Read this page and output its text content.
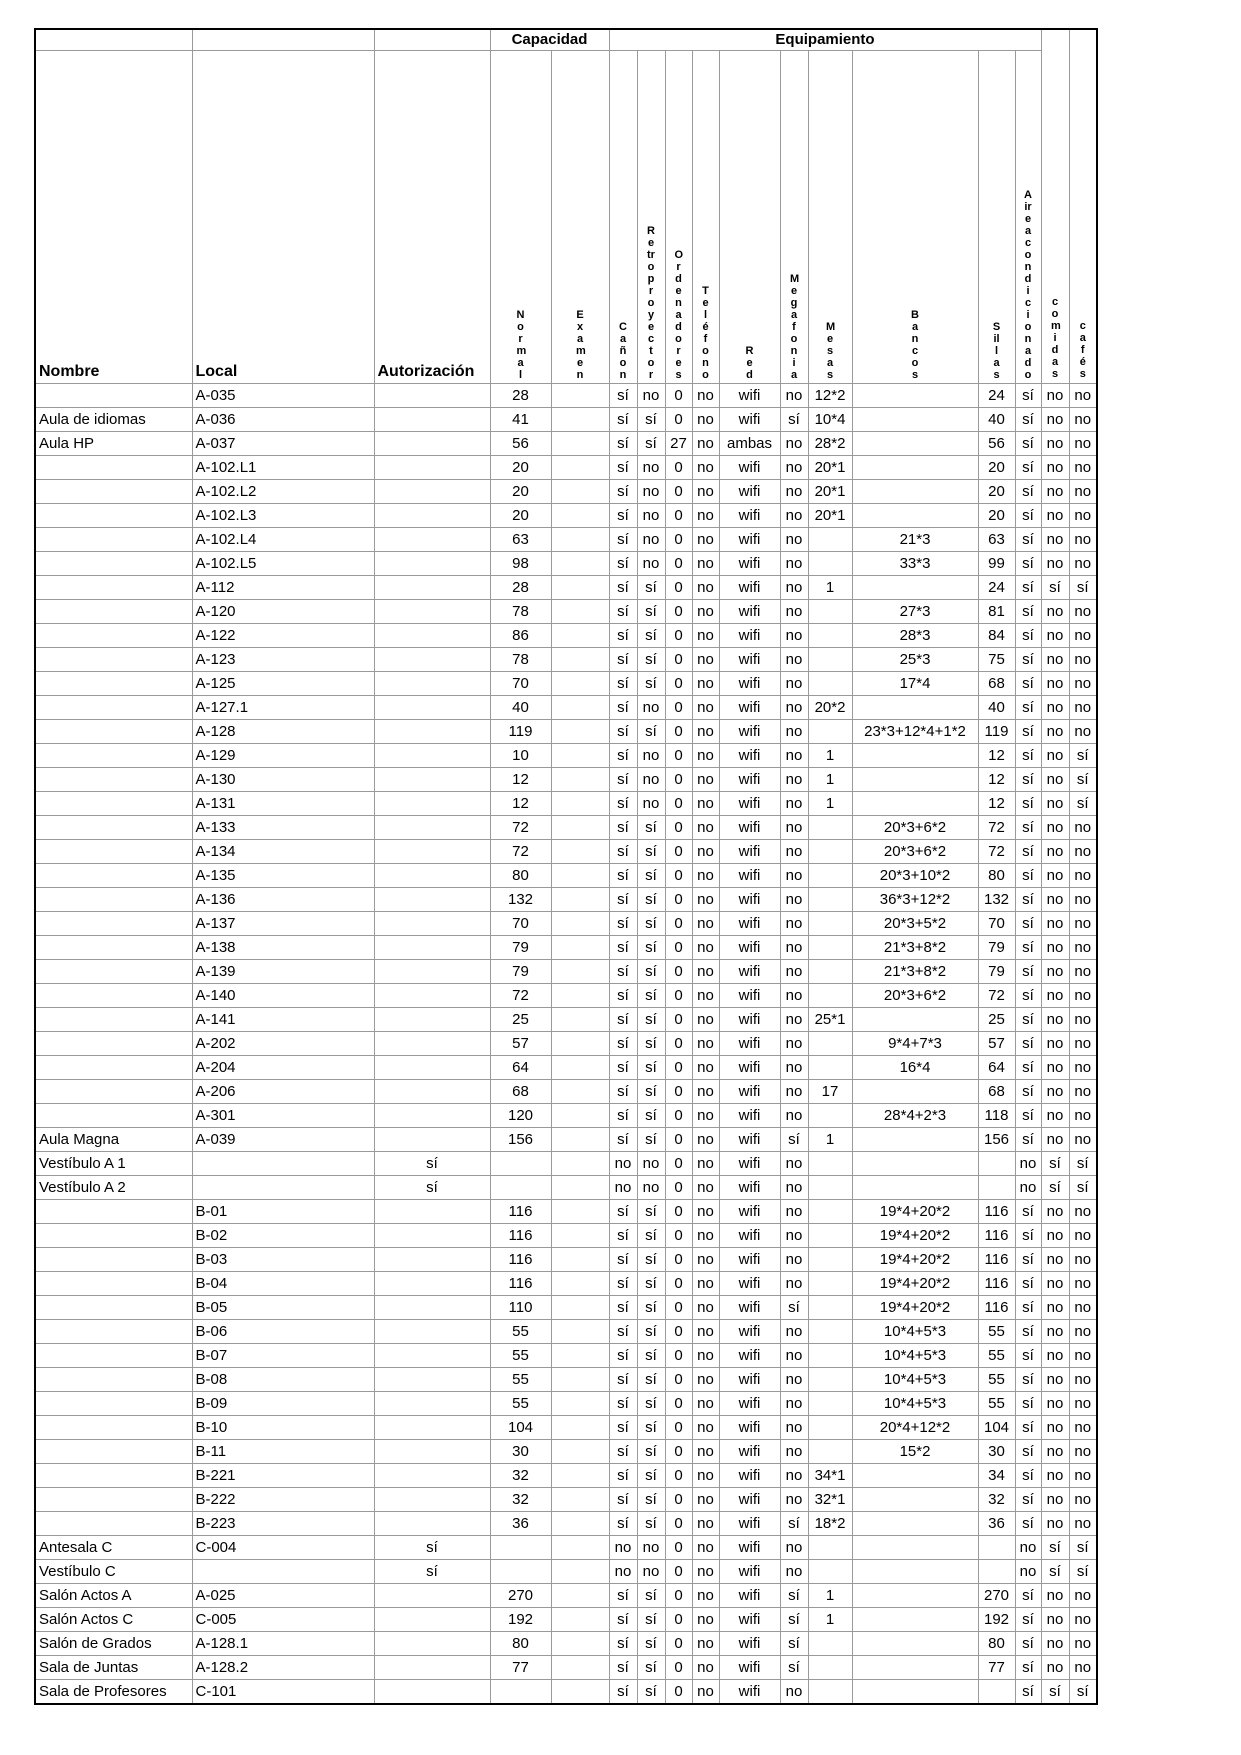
			Capacidad		Equipamiento										comidas	cafés
Nombre	Local	Autorización	Normal	Examen	Cañon	Retroproyector	Ordenadores	Teléfono	Red	Megafonia	Mesas	Bancos	Sillas	Aire acondicionado		
	A-035		28		sí	no	0	no	wifi	no	12*2		24	sí	no	no
Aula de idiomas	A-036		41		sí	sí	0	no	wifi	sí	10*4		40	sí	no	no
Aula HP	A-037		56		sí	sí	27	no	ambas	no	28*2		56	sí	no	no
	A-102.L1		20		sí	no	0	no	wifi	no	20*1		20	sí	no	no
	A-102.L2		20		sí	no	0	no	wifi	no	20*1		20	sí	no	no
	A-102.L3		20		sí	no	0	no	wifi	no	20*1		20	sí	no	no
	A-102.L4		63		sí	no	0	no	wifi	no		21*3	63	sí	no	no
	A-102.L5		98		sí	no	0	no	wifi	no		33*3	99	sí	no	no
	A-112		28		sí	sí	0	no	wifi	no	1		24	sí	sí	sí
	A-120		78		sí	sí	0	no	wifi	no		27*3	81	sí	no	no
	A-122		86		sí	sí	0	no	wifi	no		28*3	84	sí	no	no
	A-123		78		sí	sí	0	no	wifi	no		25*3	75	sí	no	no
	A-125		70		sí	sí	0	no	wifi	no		17*4	68	sí	no	no
	A-127.1		40		sí	no	0	no	wifi	no	20*2		40	sí	no	no
	A-128		119		sí	sí	0	no	wifi	no		23*3+12*4+1*2	119	sí	no	no
	A-129		10		sí	no	0	no	wifi	no	1		12	sí	no	sí
	A-130		12		sí	no	0	no	wifi	no	1		12	sí	no	sí
	A-131		12		sí	no	0	no	wifi	no	1		12	sí	no	sí
	A-133		72		sí	sí	0	no	wifi	no		20*3+6*2	72	sí	no	no
	A-134		72		sí	sí	0	no	wifi	no		20*3+6*2	72	sí	no	no
	A-135		80		sí	sí	0	no	wifi	no		20*3+10*2	80	sí	no	no
	A-136		132		sí	sí	0	no	wifi	no		36*3+12*2	132	sí	no	no
	A-137		70		sí	sí	0	no	wifi	no		20*3+5*2	70	sí	no	no
	A-138		79		sí	sí	0	no	wifi	no		21*3+8*2	79	sí	no	no
	A-139		79		sí	sí	0	no	wifi	no		21*3+8*2	79	sí	no	no
	A-140		72		sí	sí	0	no	wifi	no		20*3+6*2	72	sí	no	no
	A-141		25		sí	sí	0	no	wifi	no	25*1		25	sí	no	no
	A-202		57		sí	sí	0	no	wifi	no		9*4+7*3	57	sí	no	no
	A-204		64		sí	sí	0	no	wifi	no		16*4	64	sí	no	no
	A-206		68		sí	sí	0	no	wifi	no	17		68	sí	no	no
	A-301		120		sí	sí	0	no	wifi	no		28*4+2*3	118	sí	no	no
Aula Magna	A-039		156		sí	sí	0	no	wifi	sí	1		156	sí	no	no
Vestíbulo A 1		sí			no	no	0	no	wifi	no				no	sí	sí
Vestíbulo A 2		sí			no	no	0	no	wifi	no				no	sí	sí
	B-01		116		sí	sí	0	no	wifi	no		19*4+20*2	116	sí	no	no
	B-02		116		sí	sí	0	no	wifi	no		19*4+20*2	116	sí	no	no
	B-03		116		sí	sí	0	no	wifi	no		19*4+20*2	116	sí	no	no
	B-04		116		sí	sí	0	no	wifi	no		19*4+20*2	116	sí	no	no
	B-05		110		sí	sí	0	no	wifi	sí		19*4+20*2	116	sí	no	no
	B-06		55		sí	sí	0	no	wifi	no		10*4+5*3	55	sí	no	no
	B-07		55		sí	sí	0	no	wifi	no		10*4+5*3	55	sí	no	no
	B-08		55		sí	sí	0	no	wifi	no		10*4+5*3	55	sí	no	no
	B-09		55		sí	sí	0	no	wifi	no		10*4+5*3	55	sí	no	no
	B-10		104		sí	sí	0	no	wifi	no		20*4+12*2	104	sí	no	no
	B-11		30		sí	sí	0	no	wifi	no		15*2	30	sí	no	no
	B-221		32		sí	sí	0	no	wifi	no	34*1		34	sí	no	no
	B-222		32		sí	sí	0	no	wifi	no	32*1		32	sí	no	no
	B-223		36		sí	sí	0	no	wifi	sí	18*2		36	sí	no	no
Antesala C	C-004	sí			no	no	0	no	wifi	no				no	sí	sí
Vestíbulo C		sí			no	no	0	no	wifi	no				no	sí	sí
Salón Actos A	A-025		270		sí	sí	0	no	wifi	sí	1		270	sí	no	no
Salón Actos C	C-005		192		sí	sí	0	no	wifi	sí	1		192	sí	no	no
Salón de Grados	A-128.1		80		sí	sí	0	no	wifi	sí			80	sí	no	no
Sala de Juntas	A-128.2		77		sí	sí	0	no	wifi	sí			77	sí	no	no
Sala de Profesores	C-101				sí	sí	0	no	wifi	no				sí	sí	sí
